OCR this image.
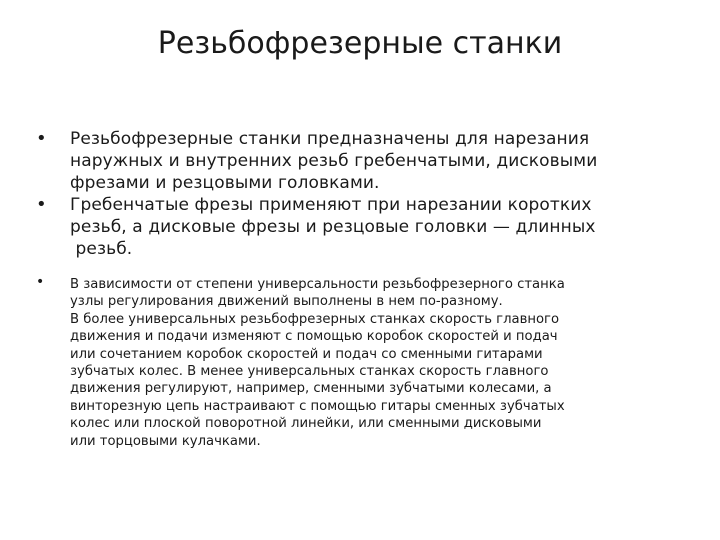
Резьбофрезерные станки
• Резьбофрезерные станки предназначены для нарезания
наружных и внутренних резьб гребенчатыми, дисковыми
фрезами и резцовыми головками.
• Гребенчатые фрезы применяют при нарезании коротких
резьб, а дисковые фрезы и резцовые головки — длинных
резьб.
• В зависимости от степени универсальности резьбофрезерного станка
узлы регулирования движений выполнены в нем по-разному.
В более универсальных резьбофрезерных станках скорость главного
движения и подачи изменяют с помощью коробок скоростей и подач
или сочетанием коробок скоростей и подач со сменными гитарами
зубчатых колес. В менее универсальных станках скорость главного
движения регулируют, например, сменными зубчатыми колесами, а
винторезную цепь настраивают с помощью гитары сменных зубчатых
колес или плоской поворотной линейки, или сменными дисковыми
или торцовыми кулачками.
